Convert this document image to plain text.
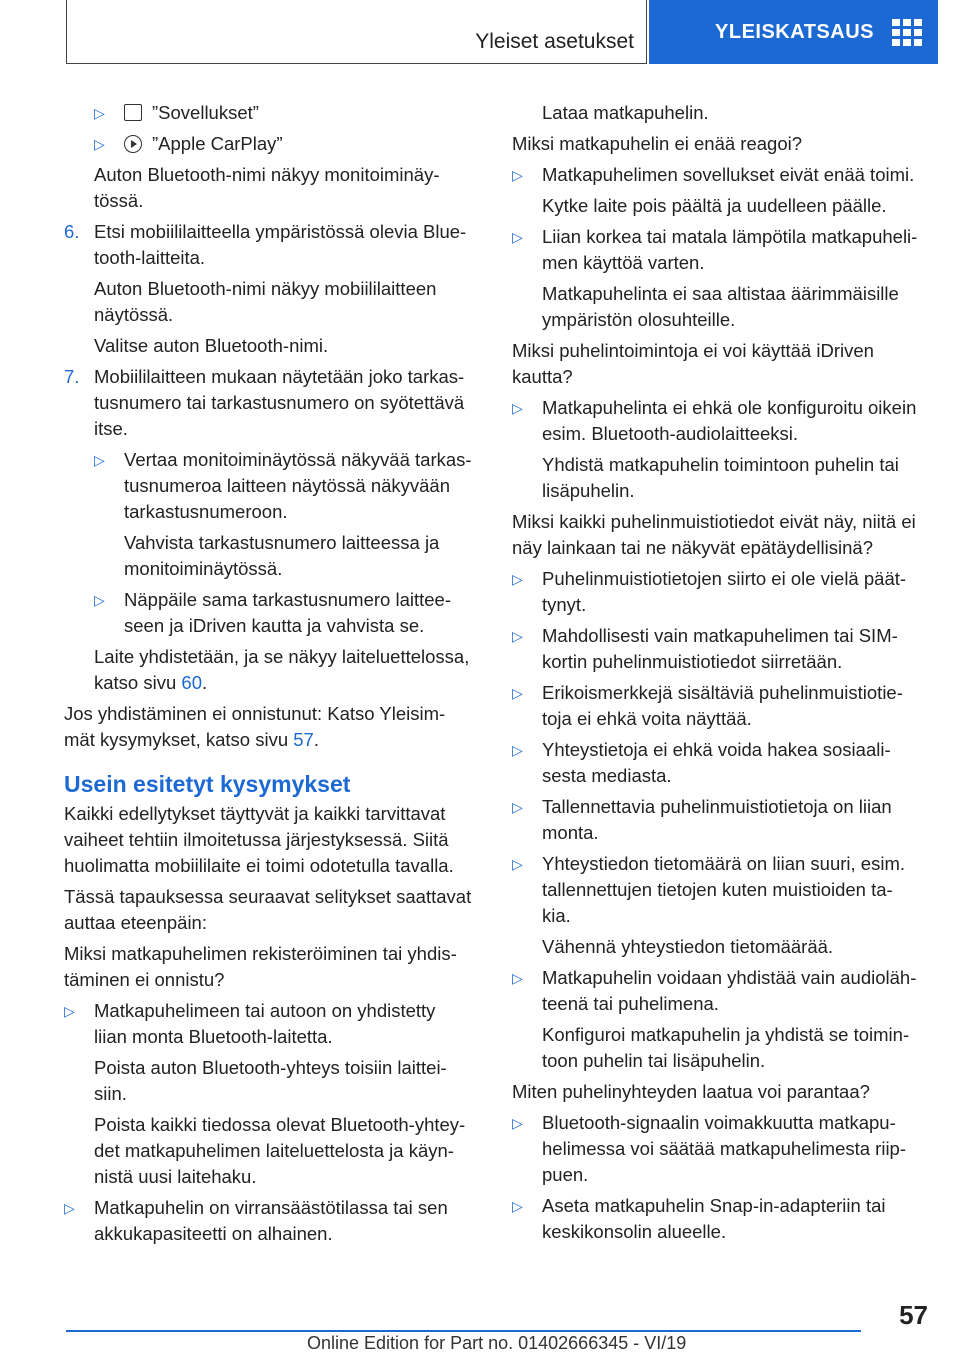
Yleiset asetukset	YLEISKATSAUS
▷	”Sovellukset”
▷	”Apple CarPlay”

Auton Bluetooth-nimi näkyy monitoiminäy‐
tössä.

6. Etsi mobiililaitteella ympäristössä olevia Blue‐
tooth-laitteita.

Auton Bluetooth-nimi näkyy mobiililaitteen
näytössä.

Valitse auton Bluetooth-nimi.

7. Mobiililaitteen mukaan näytetään joko tarkas‐
tusnumero tai tarkastusnumero on syötettävä
itse.
▷	Vertaa monitoiminäytössä näkyvää tarkas‐
tusnumeroa laitteen näytössä näkyvään
tarkastusnumeroon.

Vahvista tarkastusnumero laitteessa ja
monitoiminäytössä.

▷	Näppäile sama tarkastusnumero laittee‐
seen ja iDriven kautta ja vahvista se.

Laite yhdistetään, ja se näkyy laiteluettelossa,
katso sivu 60.

Jos yhdistäminen ei onnistunut: Katso Yleisim‐
mät kysymykset, katso sivu 57.

Usein esitetyt kysymykset

Kaikki edellytykset täyttyvät ja kaikki tarvittavat
vaiheet tehtiin ilmoitetussa järjestyksessä. Siitä
huolimatta mobiililaite ei toimi odotetulla tavalla.

Tässä tapauksessa seuraavat selitykset saattavat
auttaa eteenpäin:

Miksi matkapuhelimen rekisteröiminen tai yhdis‐
täminen ei onnistu?

▷	Matkapuhelimeen tai autoon on yhdistetty
liian monta Bluetooth-laitetta.

Poista auton Bluetooth-yhteys toisiin laittei‐
siin.

Poista kaikki tiedossa olevat Bluetooth-yhtey‐
det matkapuhelimen laiteluettelosta ja käyn‐
nistä uusi laitehaku.

▷	Matkapuhelin on virransäästötilassa tai sen
akkukapasiteetti on alhainen.

Lataa matkapuhelin.

Miksi matkapuhelin ei enää reagoi?

▷	Matkapuhelimen sovellukset eivät enää toimi.

Kytke laite pois päältä ja uudelleen päälle.

▷	Liian korkea tai matala lämpötila matkapuheli‐
men käyttöä varten.

Matkapuhelinta ei saa altistaa äärimmäisille
ympäristön olosuhteille.

Miksi puhelintoimintoja ei voi käyttää iDriven
kautta?

▷	Matkapuhelinta ei ehkä ole konfiguroitu oikein
esim. Bluetooth-audiolaitteeksi.

Yhdistä matkapuhelin toimintoon puhelin tai
lisäpuhelin.

Miksi kaikki puhelinmuistiotiedot eivät näy, niitä ei
näy lainkaan tai ne näkyvät epätäydellisinä?

▷	Puhelinmuistiotietojen siirto ei ole vielä päät‐
tynyt.
▷	Mahdollisesti vain matkapuhelimen tai SIM-
kortin puhelinmuistiotiedot siirretään.
▷	Erikoismerkkejä sisältäviä puhelinmuistiotie‐
toja ei ehkä voita näyttää.
▷	Yhteystietoja ei ehkä voida hakea sosiaali‐
sesta mediasta.
▷	Tallennettavia puhelinmuistiotietoja on liian
monta.
▷	Yhteystiedon tietomäärä on liian suuri, esim.
tallennettujen tietojen kuten muistioiden ta‐
kia.

Vähennä yhteystiedon tietomäärää.

▷	Matkapuhelin voidaan yhdistää vain audioläh‐
teenä tai puhelimena.

Konfiguroi matkapuhelin ja yhdistä se toimin‐
toon puhelin tai lisäpuhelin.

Miten puhelinyhteyden laatua voi parantaa?

▷	Bluetooth-signaalin voimakkuutta matkapu‐
helimessa voi säätää matkapuhelimesta riip‐
puen.
▷	Aseta matkapuhelin Snap-in-adapteriin tai
keskikonsolin alueelle.
57
Online Edition for Part no. 01402666345 - VI/19
